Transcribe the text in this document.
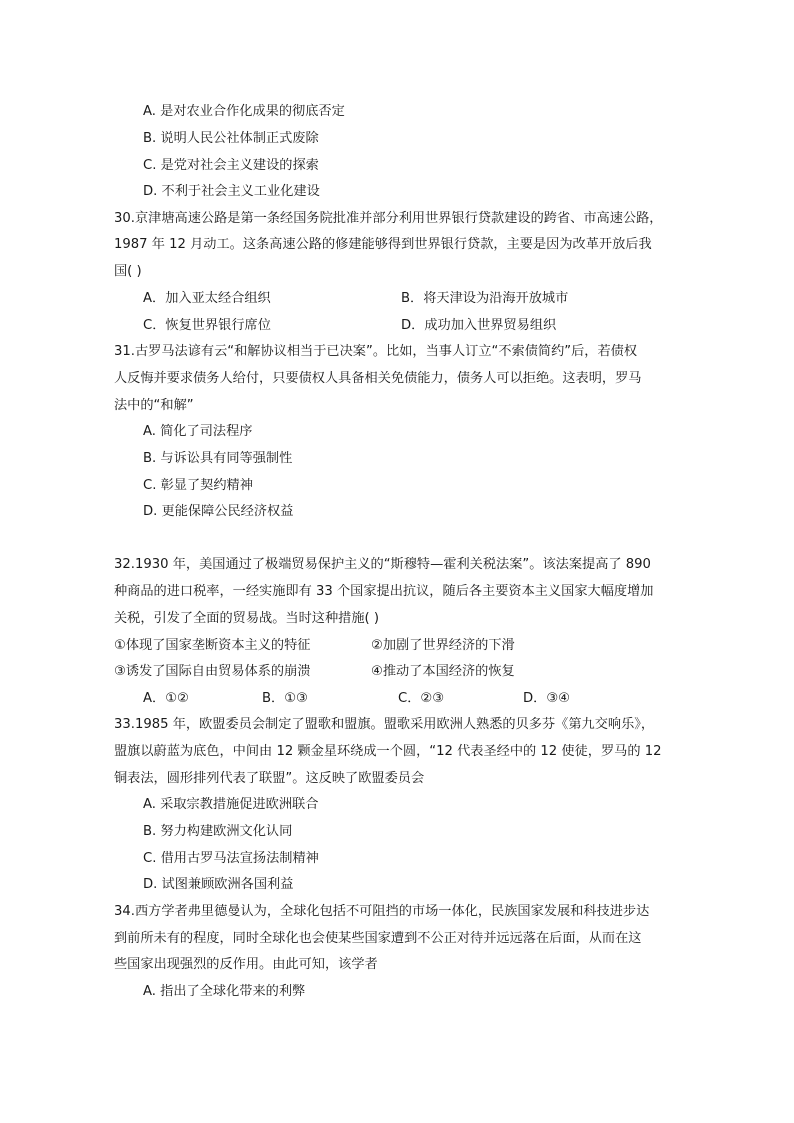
A. 是对农业合作化成果的彻底否定
B. 说明人民公社体制正式废除
C. 是党对社会主义建设的探索
D. 不利于社会主义工业化建设
30.京津塘高速公路是第一条经国务院批准并部分利用世界银行贷款建设的跨省、市高速公路，
1987 年 12 月动工。这条高速公路的修建能够得到世界银行贷款，主要是因为改革开放后我
国( )
A．加入亚太经合组织	B．将天津设为沿海开放城市
C．恢复世界银行席位	D．成功加入世界贸易组织
31.古罗马法谚有云“和解协议相当于已决案”。比如，当事人订立“不索债简约”后，若债权
人反悔并要求债务人给付，只要债权人具备相关免债能力，债务人可以拒绝。这表明，罗马
法中的“和解”
A. 简化了司法程序
B. 与诉讼具有同等强制性
C. 彰显了契约精神
D. 更能保障公民经济权益
32.1930 年，美国通过了极端贸易保护主义的“斯穆特—霍利关税法案”。该法案提高了 890
种商品的进口税率，一经实施即有 33 个国家提出抗议，随后各主要资本主义国家大幅度增加
关税，引发了全面的贸易战。当时这种措施( )
①体现了国家垄断资本主义的特征	②加剧了世界经济的下滑
③诱发了国际自由贸易体系的崩溃	④推动了本国经济的恢复
A．①②	B．①③	C．②③	D．③④
33.1985 年，欧盟委员会制定了盟歌和盟旗。盟歌采用欧洲人熟悉的贝多芬《第九交响乐》，
盟旗以蔚蓝为底色，中间由 12 颗金星环绕成一个圆，“12 代表圣经中的 12 使徒，罗马的 12
铜表法，圆形排列代表了联盟”。这反映了欧盟委员会
A. 采取宗教措施促进欧洲联合
B. 努力构建欧洲文化认同
C. 借用古罗马法宣扬法制精神
D. 试图兼顾欧洲各国利益
34.西方学者弗里德曼认为，全球化包括不可阻挡的市场一体化，民族国家发展和科技进步达
到前所未有的程度，同时全球化也会使某些国家遭到不公正对待并远远落在后面，从而在这
些国家出现强烈的反作用。由此可知，该学者
A. 指出了全球化带来的利弊
